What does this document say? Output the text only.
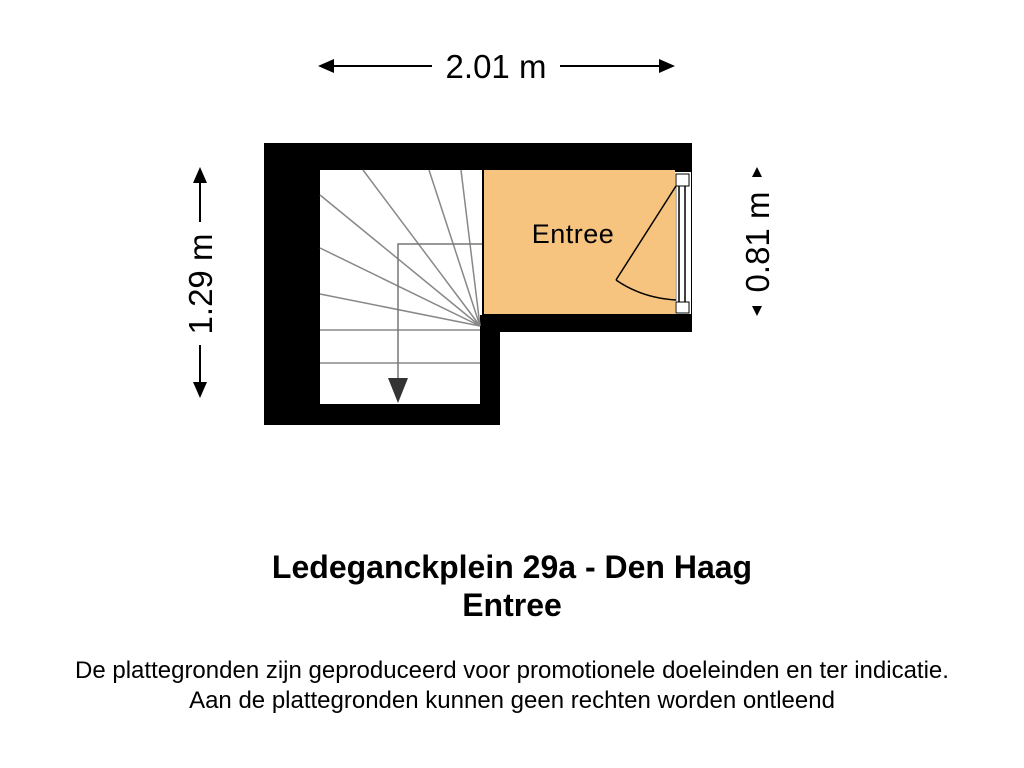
2.01 m
1.29 m	0.81 m
Entree
Ledeganckplein 29a - Den Haag
Entree
De plattegronden zijn geproduceerd voor promotionele doeleinden en ter indicatie.
Aan de plattegronden kunnen geen rechten worden ontleend
